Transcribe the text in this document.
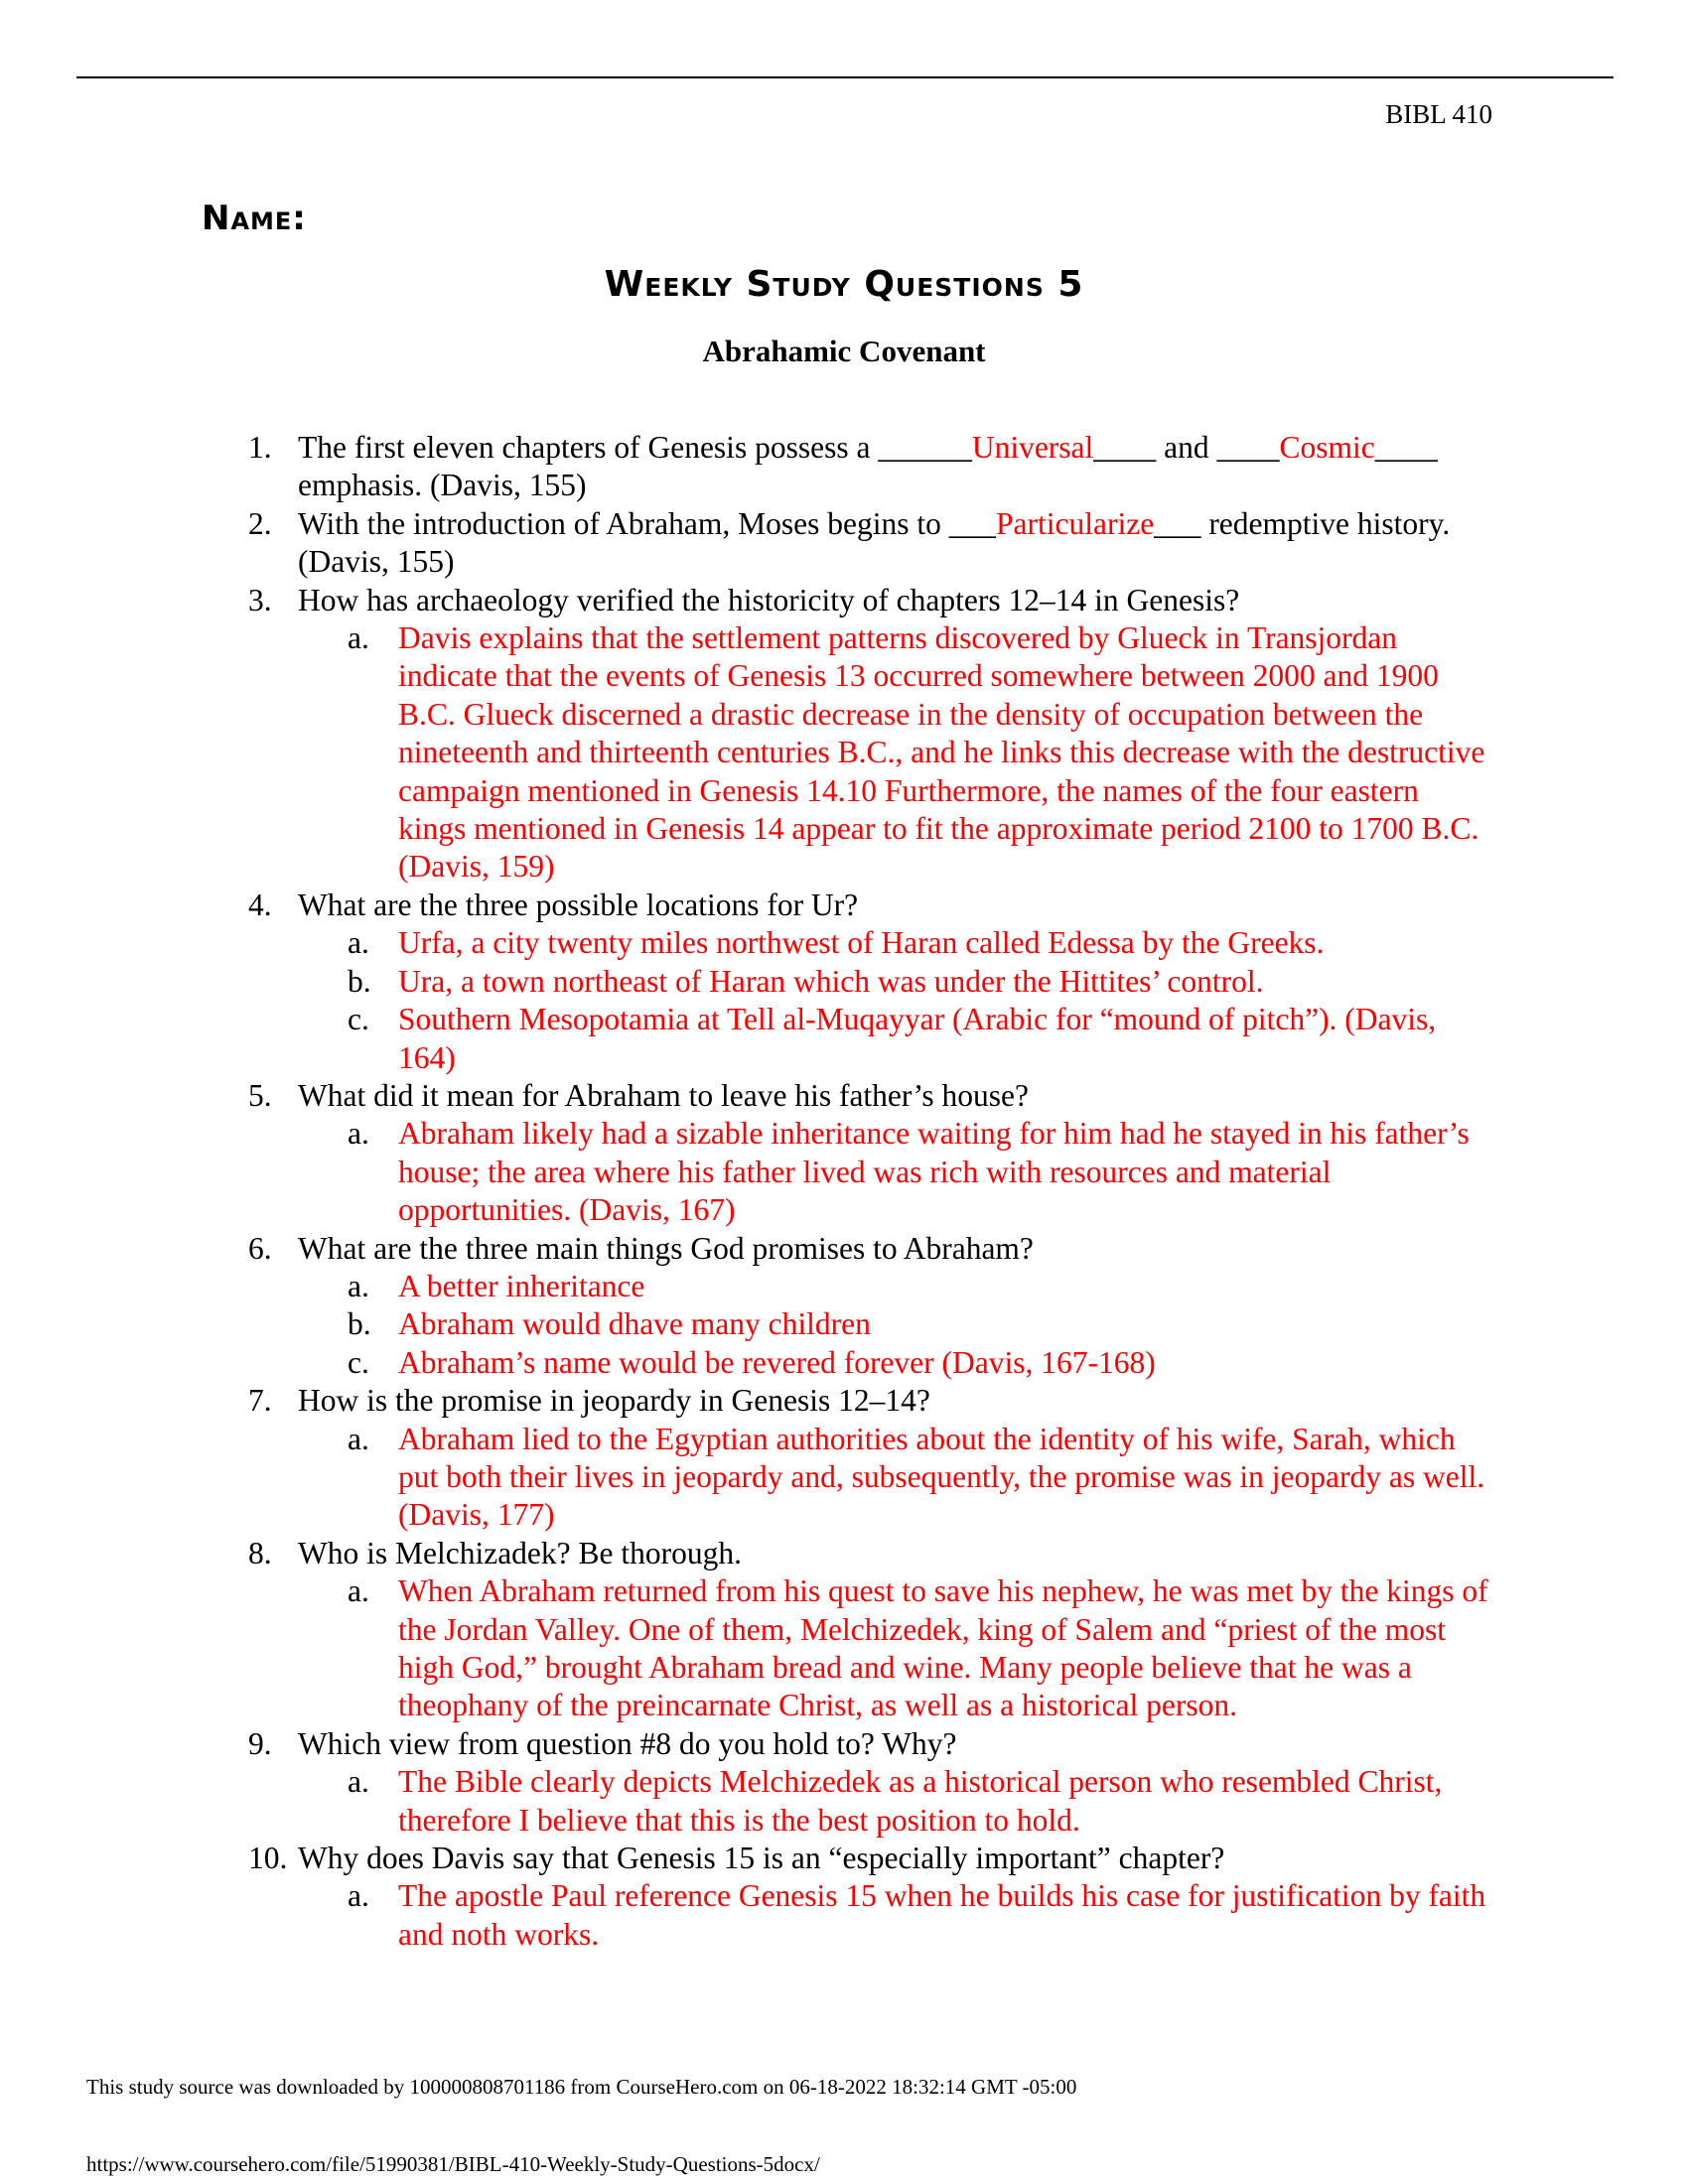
BIBL 410
Name:
Weekly Study Questions 5
Abrahamic Covenant
1. The first eleven chapters of Genesis possess a ______Universal____ and ____Cosmic____ emphasis. (Davis, 155)
2. With the introduction of Abraham, Moses begins to ___Particularize___ redemptive history. (Davis, 155)
3. How has archaeology verified the historicity of chapters 12–14 in Genesis?
a. Davis explains that the settlement patterns discovered by Glueck in Transjordan indicate that the events of Genesis 13 occurred somewhere between 2000 and 1900 B.C. Glueck discerned a drastic decrease in the density of occupation between the nineteenth and thirteenth centuries B.C., and he links this decrease with the destructive campaign mentioned in Genesis 14.10 Furthermore, the names of the four eastern kings mentioned in Genesis 14 appear to fit the approximate period 2100 to 1700 B.C. (Davis, 159)
4. What are the three possible locations for Ur?
a. Urfa, a city twenty miles northwest of Haran called Edessa by the Greeks.
b. Ura, a town northeast of Haran which was under the Hittites’ control.
c. Southern Mesopotamia at Tell al-Muqayyar (Arabic for “mound of pitch”). (Davis, 164)
5. What did it mean for Abraham to leave his father’s house?
a. Abraham likely had a sizable inheritance waiting for him had he stayed in his father’s house; the area where his father lived was rich with resources and material opportunities. (Davis, 167)
6. What are the three main things God promises to Abraham?
a. A better inheritance
b. Abraham would dhave many children
c. Abraham’s name would be revered forever (Davis, 167-168)
7. How is the promise in jeopardy in Genesis 12–14?
a. Abraham lied to the Egyptian authorities about the identity of his wife, Sarah, which put both their lives in jeopardy and, subsequently, the promise was in jeopardy as well. (Davis, 177)
8. Who is Melchizadek? Be thorough.
a. When Abraham returned from his quest to save his nephew, he was met by the kings of the Jordan Valley. One of them, Melchizedek, king of Salem and “priest of the most high God,” brought Abraham bread and wine. Many people believe that he was a theophany of the preincarnate Christ, as well as a historical person.
9. Which view from question #8 do you hold to? Why?
a. The Bible clearly depicts Melchizedek as a historical person who resembled Christ, therefore I believe that this is the best position to hold.
10. Why does Davis say that Genesis 15 is an “especially important” chapter?
a. The apostle Paul reference Genesis 15 when he builds his case for justification by faith and noth works.
This study source was downloaded by 100000808701186 from CourseHero.com on 06-18-2022 18:32:14 GMT -05:00
https://www.coursehero.com/file/51990381/BIBL-410-Weekly-Study-Questions-5docx/
